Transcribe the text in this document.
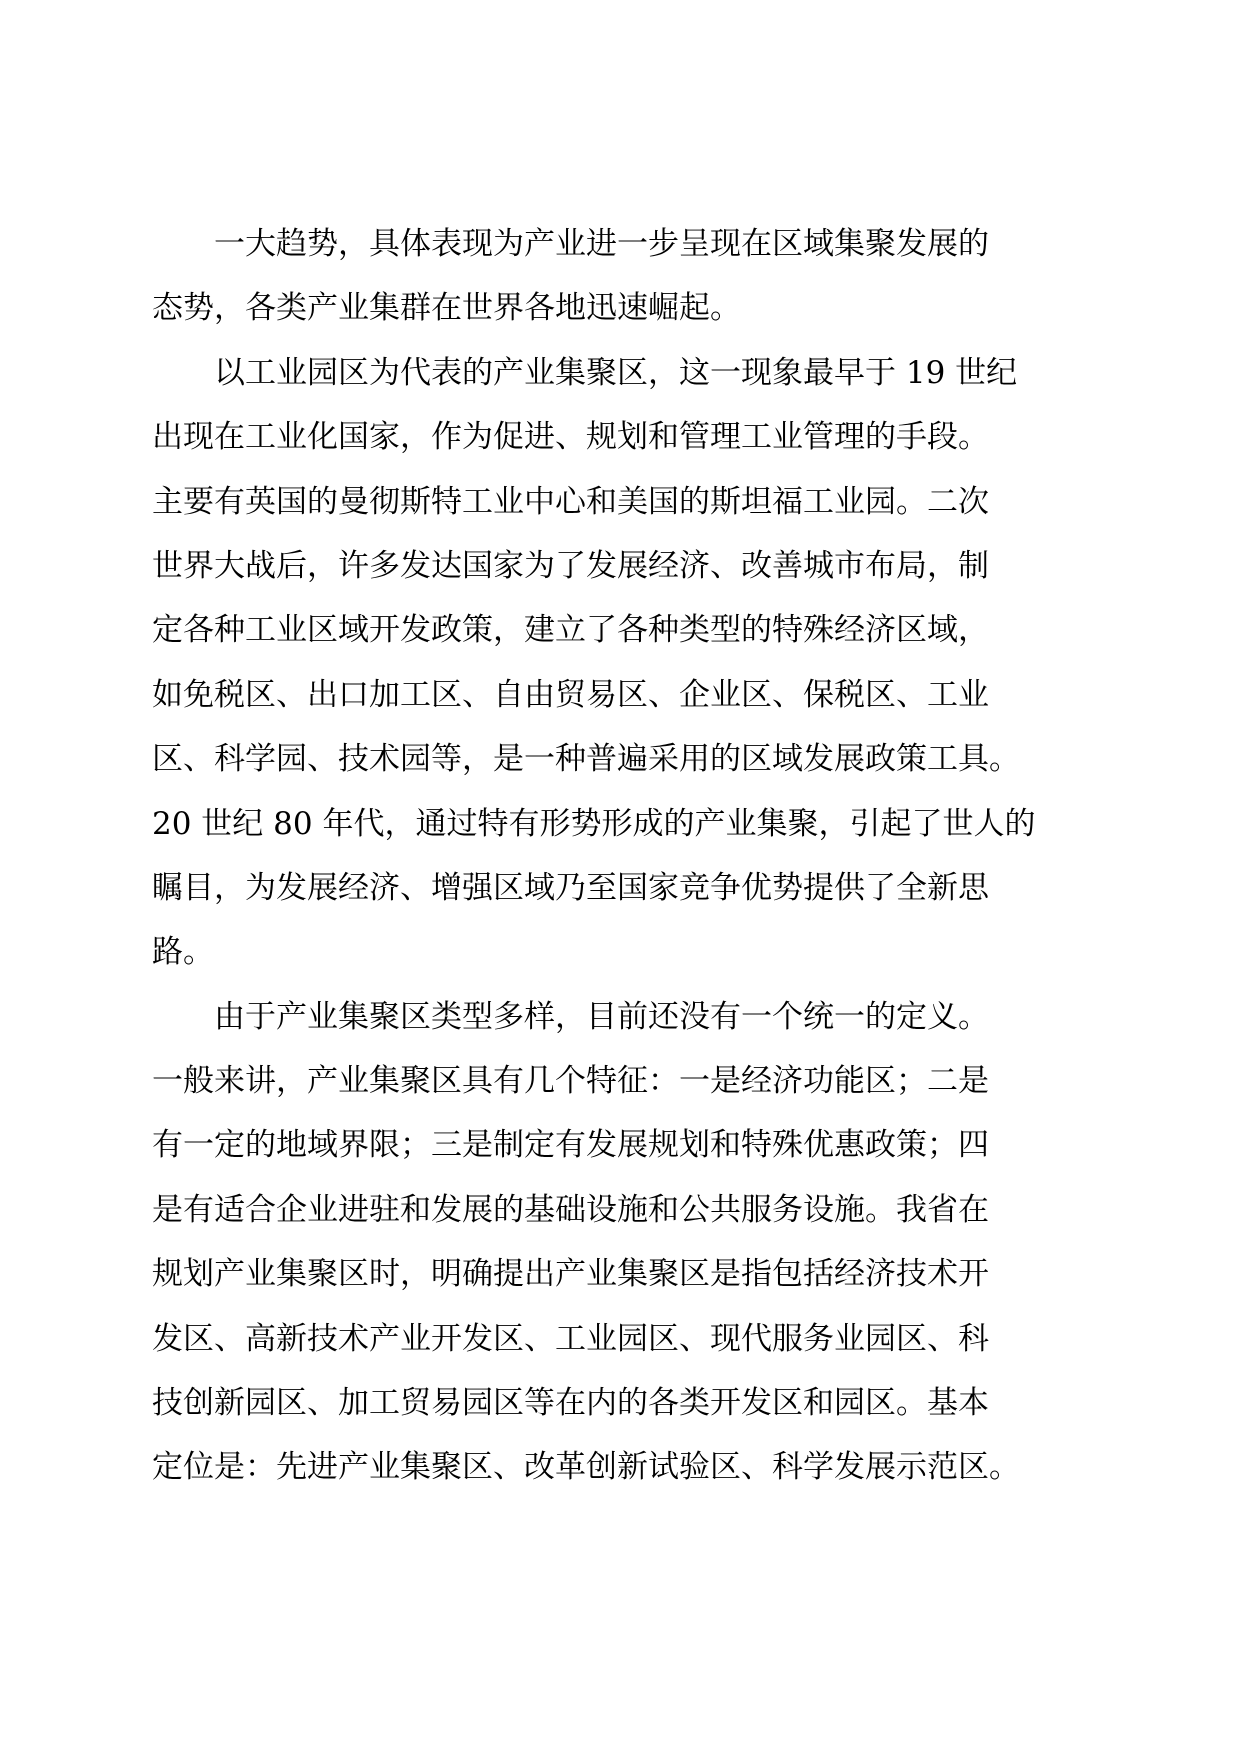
　　一大趋势，具体表现为产业进一步呈现在区域集聚发展的
态势，各类产业集群在世界各地迅速崛起。

　　以工业园区为代表的产业集聚区，这一现象最早于 19 世纪
出现在工业化国家，作为促进、规划和管理工业管理的手段。
主要有英国的曼彻斯特工业中心和美国的斯坦福工业园。二次
世界大战后，许多发达国家为了发展经济、改善城市布局，制
定各种工业区域开发政策，建立了各种类型的特殊经济区域，
如免税区、出口加工区、自由贸易区、企业区、保税区、工业
区、科学园、技术园等，是一种普遍采用的区域发展政策工具。
20 世纪 80 年代，通过特有形势形成的产业集聚，引起了世人的
瞩目，为发展经济、增强区域乃至国家竞争优势提供了全新思
路。

　　由于产业集聚区类型多样，目前还没有一个统一的定义。
一般来讲，产业集聚区具有几个特征：一是经济功能区；二是
有一定的地域界限；三是制定有发展规划和特殊优惠政策；四
是有适合企业进驻和发展的基础设施和公共服务设施。我省在
规划产业集聚区时，明确提出产业集聚区是指包括经济技术开
发区、高新技术产业开发区、工业园区、现代服务业园区、科
技创新园区、加工贸易园区等在内的各类开发区和园区。基本
定位是：先进产业集聚区、改革创新试验区、科学发展示范区。
